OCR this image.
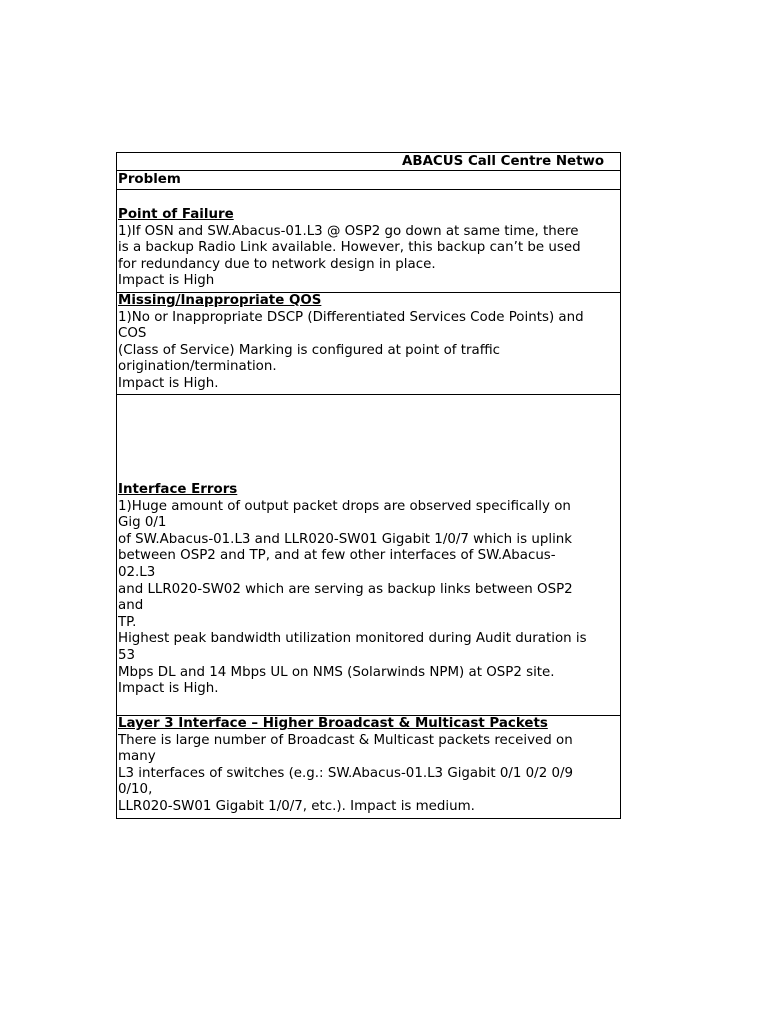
ABACUS Call Centre Netwo
Problem
Point of Failure
1)If OSN and SW.Abacus-01.L3 @ OSP2 go down at same time, there
is a backup Radio Link available. However, this backup can’t be used
for redundancy due to network design in place.
Impact is High
Missing/Inappropriate QOS
1)No or Inappropriate DSCP (Differentiated Services Code Points) and
COS
(Class of Service) Marking is configured at point of traffic
origination/termination.
Impact is High.
Interface Errors
1)Huge amount of output packet drops are observed specifically on
Gig 0/1
of SW.Abacus-01.L3 and LLR020-SW01 Gigabit 1/0/7 which is uplink
between OSP2 and TP, and at few other interfaces of SW.Abacus-
02.L3
and LLR020-SW02 which are serving as backup links between OSP2
and
TP.
Highest peak bandwidth utilization monitored during Audit duration is
53
Mbps DL and 14 Mbps UL on NMS (Solarwinds NPM) at OSP2 site.
Impact is High.
Layer 3 Interface – Higher Broadcast & Multicast Packets
There is large number of Broadcast & Multicast packets received on
many
L3 interfaces of switches (e.g.: SW.Abacus-01.L3 Gigabit 0/1 0/2 0/9
0/10,
LLR020-SW01 Gigabit 1/0/7, etc.). Impact is medium.
